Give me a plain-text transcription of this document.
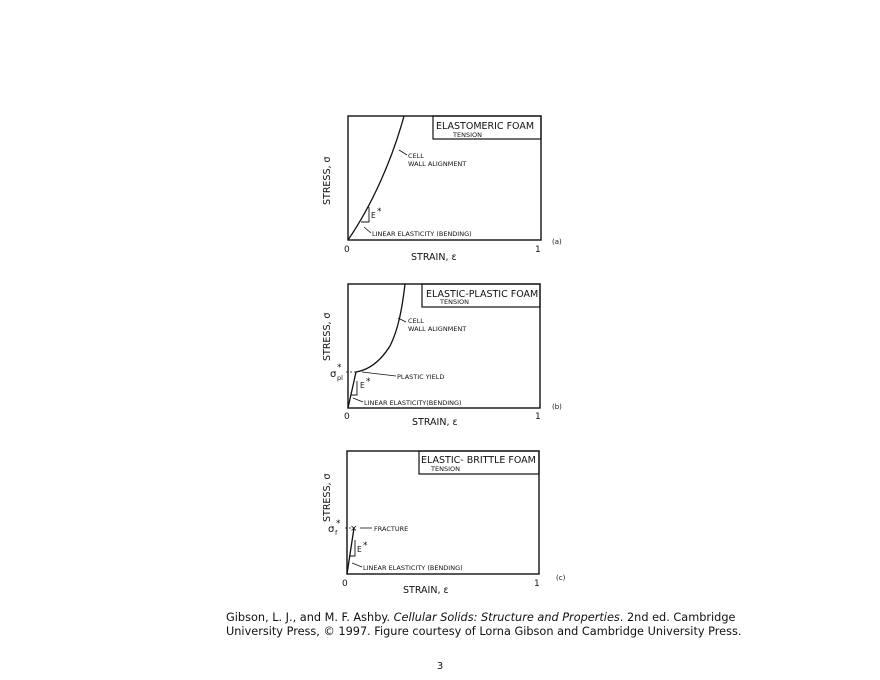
ELASTOMERIC FOAM
TENSION
CELL
WALL ALIGNMENT
E *
LINEAR ELASTICITY (BENDING)
STRESS, σ
STRAIN, ε
0	1
(a)
ELASTIC-PLASTIC FOAM
TENSION
CELL
WALL ALIGNMENT
PLASTIC YIELD
E *
LINEAR ELASTICITY(BENDING)
STRESS, σ
σ pl
*
STRAIN, ε
0	1
(b)
ELASTIC- BRITTLE FOAM
TENSION
×	FRACTURE
E *
LINEAR ELASTICITY (BENDING)
STRESS, σ
σ f
*
STRAIN, ε
0	1
(c)
Gibson, L. J., and M. F. Ashby. Cellular Solids: Structure and Properties. 2nd ed. Cambridge University Press, © 1997. Figure courtesy of Lorna Gibson and Cambridge University Press.
3
